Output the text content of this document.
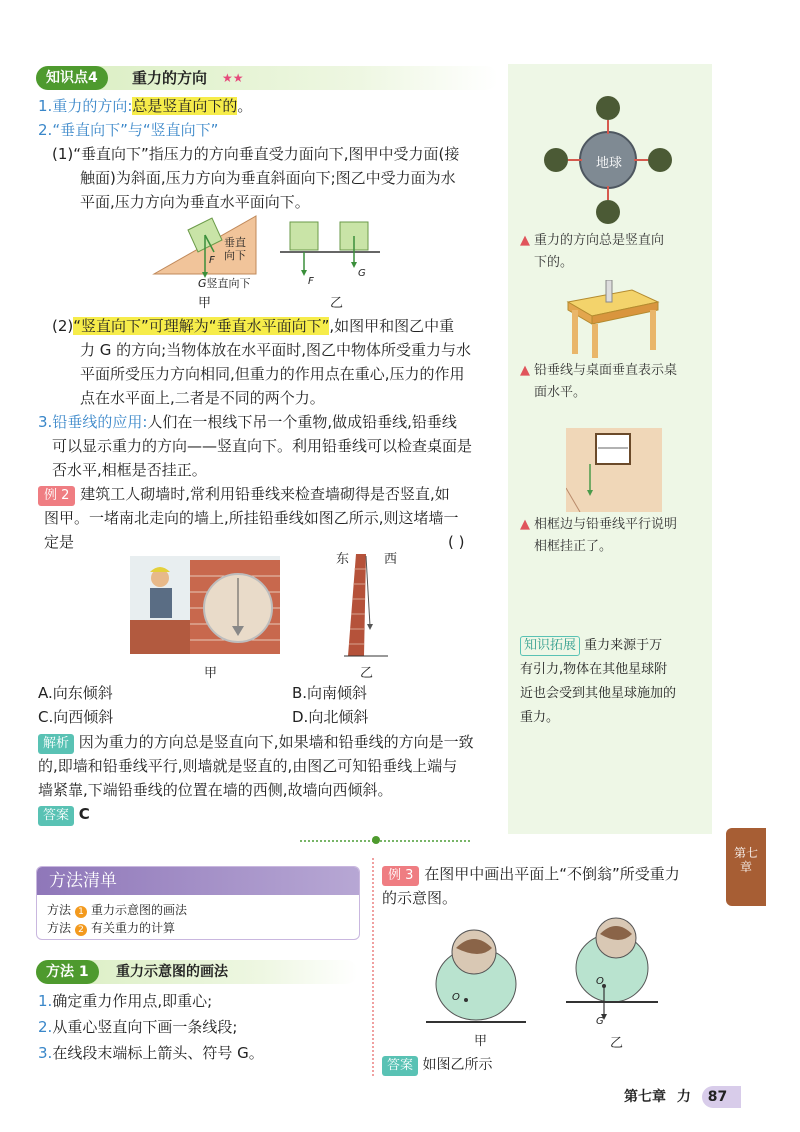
知识点4	重力的方向 ★★
1.重力的方向:总是竖直向下的。
2.“垂直向下”与“竖直向下”
(1)“垂直向下”指压力的方向垂直受力面向下,图甲中受力面(接
触面)为斜面,压力方向为垂直斜面向下;图乙中受力面为水
平面,压力方向为垂直水平面向下。
垂直
向下
F
G竖直向下
甲
F
G
乙
(2)“竖直向下”可理解为“垂直水平面向下”,如图甲和图乙中重
力 G 的方向;当物体放在水平面时,图乙中物体所受重力与水
平面所受压力方向相同,但重力的作用点在重心,压力的作用
点在水平面上,二者是不同的两个力。
3.铅垂线的应用:人们在一根线下吊一个重物,做成铅垂线,铅垂线
可以显示重力的方向——竖直向下。利用铅垂线可以检查桌面是
否水平,相框是否挂正。
例 2 建筑工人砌墙时,常利用铅垂线来检查墙砌得是否竖直,如
图甲。一堵南北走向的墙上,所挂铅垂线如图乙所示,则这堵墙一
定是	( )
甲
东	西
乙
A.向东倾斜	B.向南倾斜
C.向西倾斜	D.向北倾斜
解析 因为重力的方向总是竖直向下,如果墙和铅垂线的方向是一致
的,即墙和铅垂线平行,则墙就是竖直的,由图乙可知铅垂线上端与
墙紧靠,下端铅垂线的位置在墙的西侧,故墙向西倾斜。
答案 C
地球
▲ 重力的方向总是竖直向
下的。
▲ 铅垂线与桌面垂直表示桌
面水平。
▲ 相框边与铅垂线平行说明
相框挂正了。
知识拓展 重力来源于万
有引力,物体在其他星球附
近也会受到其他星球施加的
重力。
方法清单
方法 1 重力示意图的画法
方法 2 有关重力的计算
方法 1	重力示意图的画法
1.确定重力作用点,即重心;
2.从重心竖直向下画一条线段;
3.在线段末端标上箭头、符号 G。
例 3 在图甲中画出平面上“不倒翁”所受重力
的示意图。
O
甲
O
G
乙
答案 如图乙所示
第七
章
第七章 力 87
